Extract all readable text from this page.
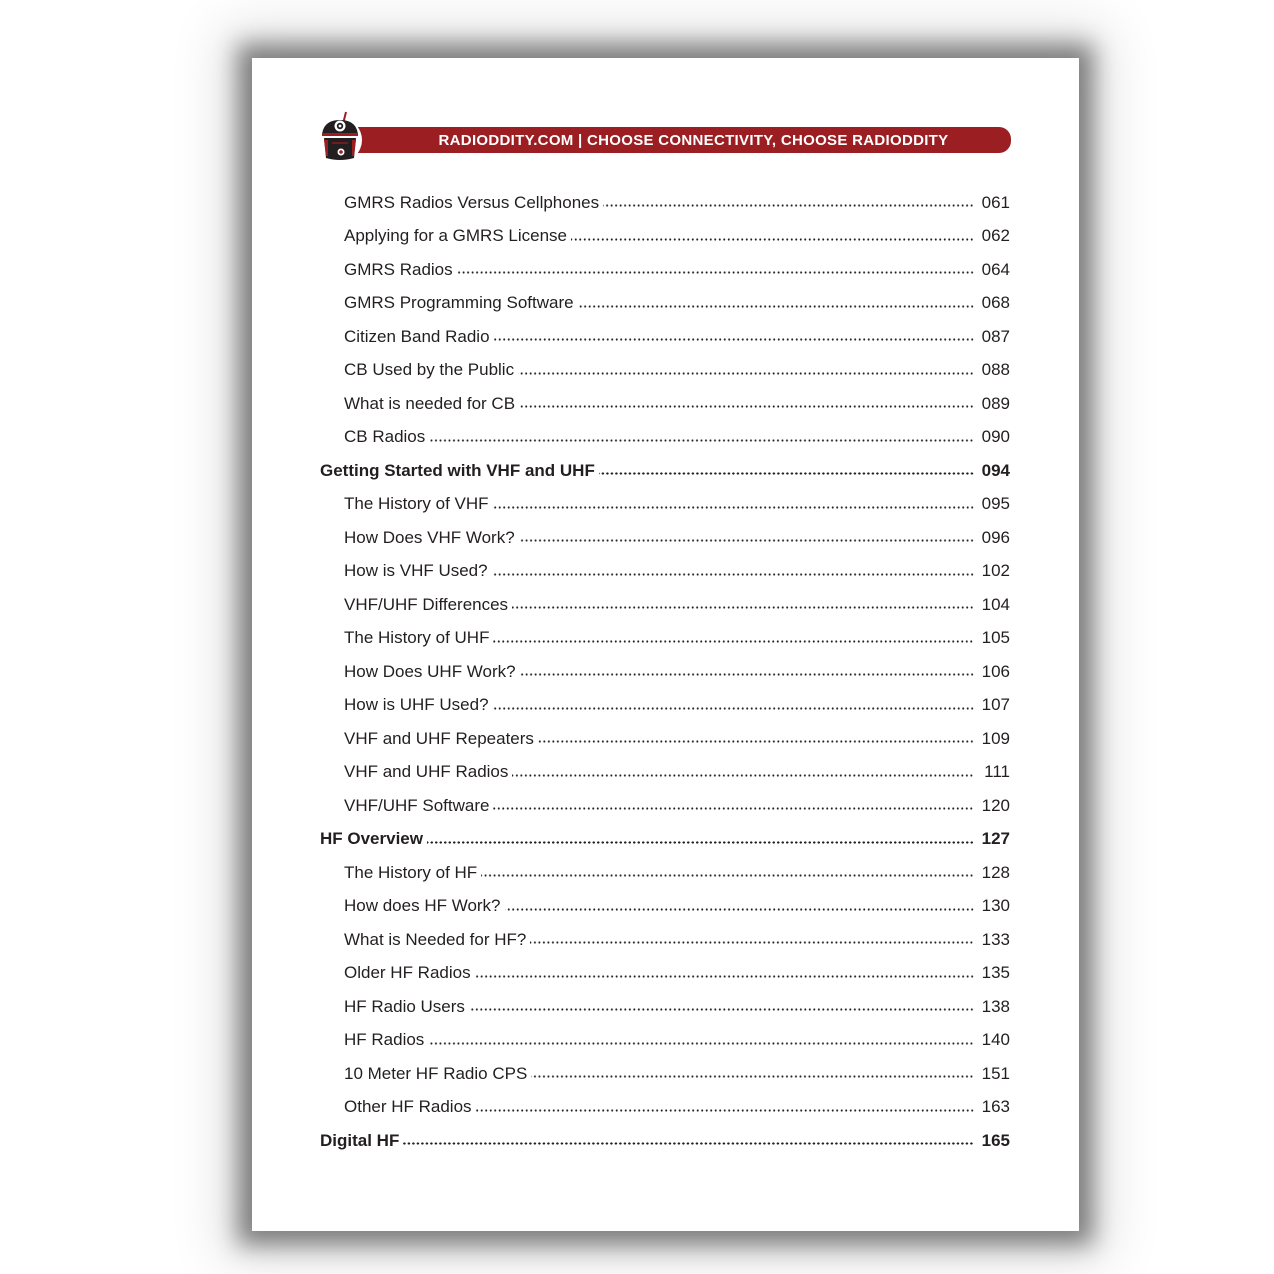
RADIODDITY.COM | CHOOSE CONNECTIVITY, CHOOSE RADIODDITY
GMRS Radios Versus Cellphones	061
Applying for a GMRS License	062
GMRS Radios	064
GMRS Programming Software	068
Citizen Band Radio	087
CB Used by the Public	088
What is needed for CB	089
CB Radios	090
Getting Started with VHF and UHF	094
The History of VHF	095
How Does VHF Work?	096
How is VHF Used?	102
VHF/UHF Differences	104
The History of UHF	105
How Does UHF Work?	106
How is UHF Used?	107
VHF and UHF Repeaters	109
VHF and UHF Radios	111
VHF/UHF Software	120
HF Overview	127
The History of HF	128
How does HF Work?	130
What is Needed for HF?	133
Older HF Radios	135
HF Radio Users	138
HF Radios	140
10 Meter HF Radio CPS	151
Other HF Radios	163
Digital HF	165
